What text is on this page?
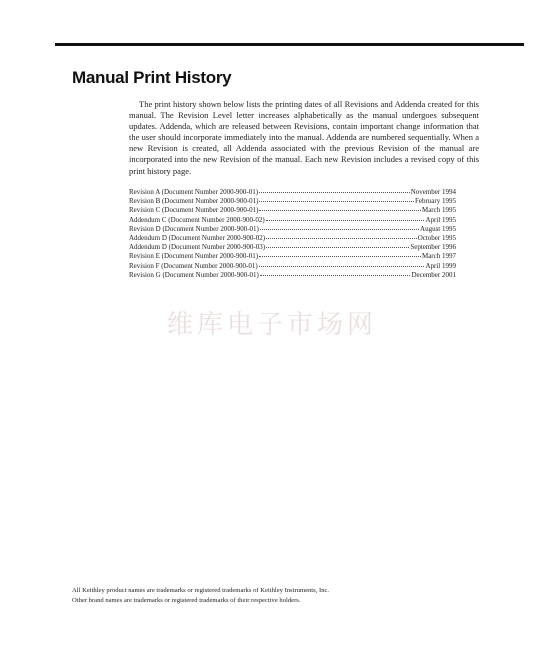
Manual Print History

The print history shown below lists the printing dates of all Revisions and Addenda created for this manual. The Revision Level letter increases alphabetically as the manual undergoes subsequent updates. Addenda, which are released between Revisions, contain important change information that the user should incorporate immediately into the manual. Addenda are numbered sequentially. When a new Revision is created, all Addenda associated with the previous Revision of the manual are incorporated into the new Revision of the manual. Each new Revision includes a revised copy of this print history page.

Revision A (Document Number 2000-900-01)	November 1994
Revision B (Document Number 2000-900-01)	February 1995
Revision C (Document Number 2000-900-01)	March 1995
Addendum C (Document Number 2000-900-02)	April 1995
Revision D (Document Number 2000-900-01)	August 1995
Addendum D (Document Number 2000-900-02)	October 1995
Addendum D (Document Number 2000-900-03)	September 1996
Revision E (Document Number 2000-900-01)	March 1997
Revision F (Document Number 2000-900-01)	April 1999
Revision G (Document Number 2000-900-01)	December 2001
维库电子市场网
All Keithley product names are trademarks or registered trademarks of Keithley Instruments, Inc.
Other brand names are trademarks or registered trademarks of their respective holders.
